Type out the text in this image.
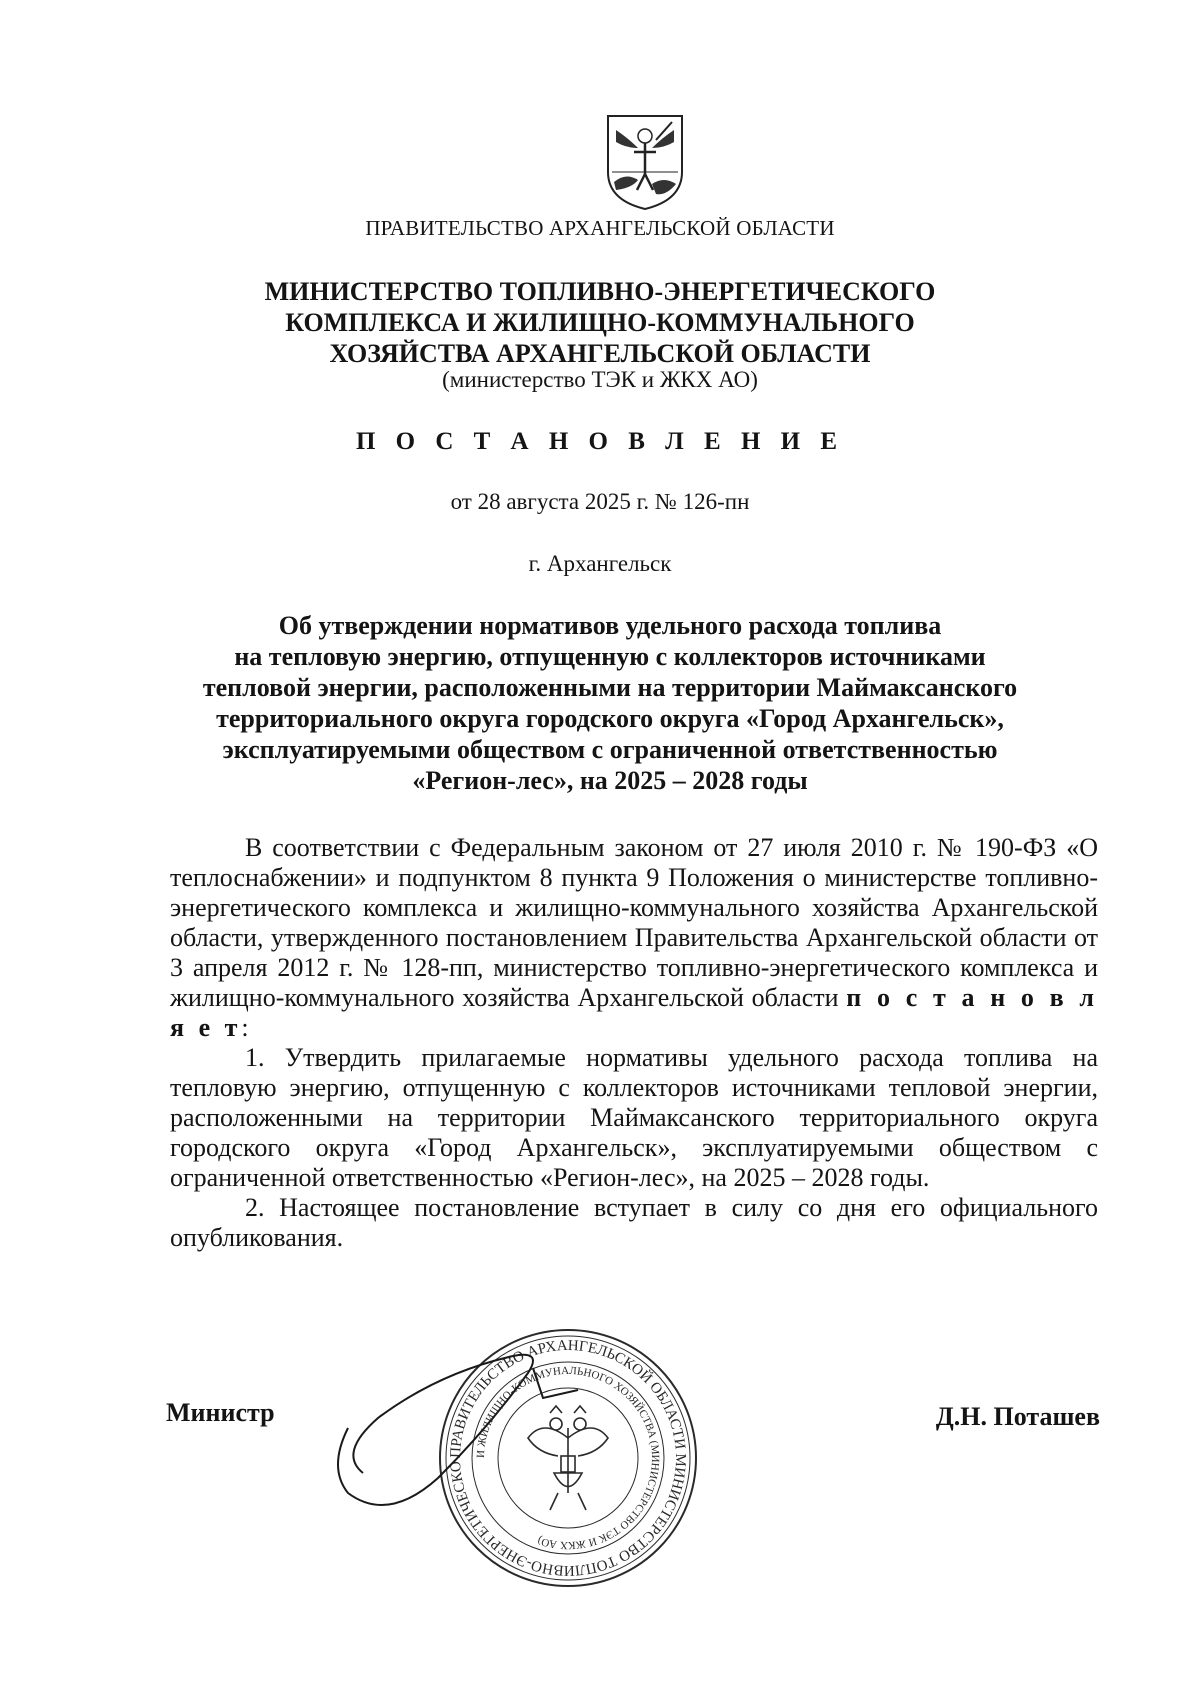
ПРАВИТЕЛЬСТВО АРХАНГЕЛЬСКОЙ ОБЛАСТИ
МИНИСТЕРСТВО ТОПЛИВНО-ЭНЕРГЕТИЧЕСКОГО
КОМПЛЕКСА И ЖИЛИЩНО-КОММУНАЛЬНОГО
ХОЗЯЙСТВА АРХАНГЕЛЬСКОЙ ОБЛАСТИ
(министерство ТЭК и ЖКХ АО)
П О С Т А Н О В Л Е Н И Е
от 28 августа 2025 г. № 126-пн
г. Архангельск
Об утверждении нормативов удельного расхода топлива
на тепловую энергию, отпущенную с коллекторов источниками
тепловой энергии, расположенными на территории Маймаксанского
территориального округа городского округа «Город Архангельск»,
эксплуатируемыми обществом с ограниченной ответственностью
«Регион-лес», на 2025 – 2028 годы

В соответствии с Федеральным законом от 27 июля 2010 г. № 190-ФЗ «О теплоснабжении» и подпунктом 8 пункта 9 Положения о министерстве топливно-энергетического комплекса и жилищно-коммунального хозяйства Архангельской области, утвержденного постановлением Правительства Архангельской области от 3 апреля 2012 г. № 128-пп, министерство топливно-энергетического комплекса и жилищно-коммунального хозяйства Архангельской области п о с т а н о в л я е т:

1. Утвердить прилагаемые нормативы удельного расхода топлива на тепловую энергию, отпущенную с коллекторов источниками тепловой энергии, расположенными на территории Маймаксанского территориального округа городского округа «Город Архангельск», эксплуатируемыми обществом с ограниченной ответственностью «Регион-лес», на 2025 – 2028 годы.

2. Настоящее постановление вступает в силу со дня его официального опубликования.

ПРАВИТЕЛЬСТВО АРХАНГЕЛЬСКОЙ ОБЛАСТИ МИНИСТЕРСТВО ТОПЛИВНО-ЭНЕРГЕТИЧЕСКО
И ЖИЛИЩНО-КОММУНАЛЬНОГО ХОЗЯЙСТВА (МИНИСТЕРСТВО ТЭК И ЖКХ АО)
Министр	Д.Н. Поташев
